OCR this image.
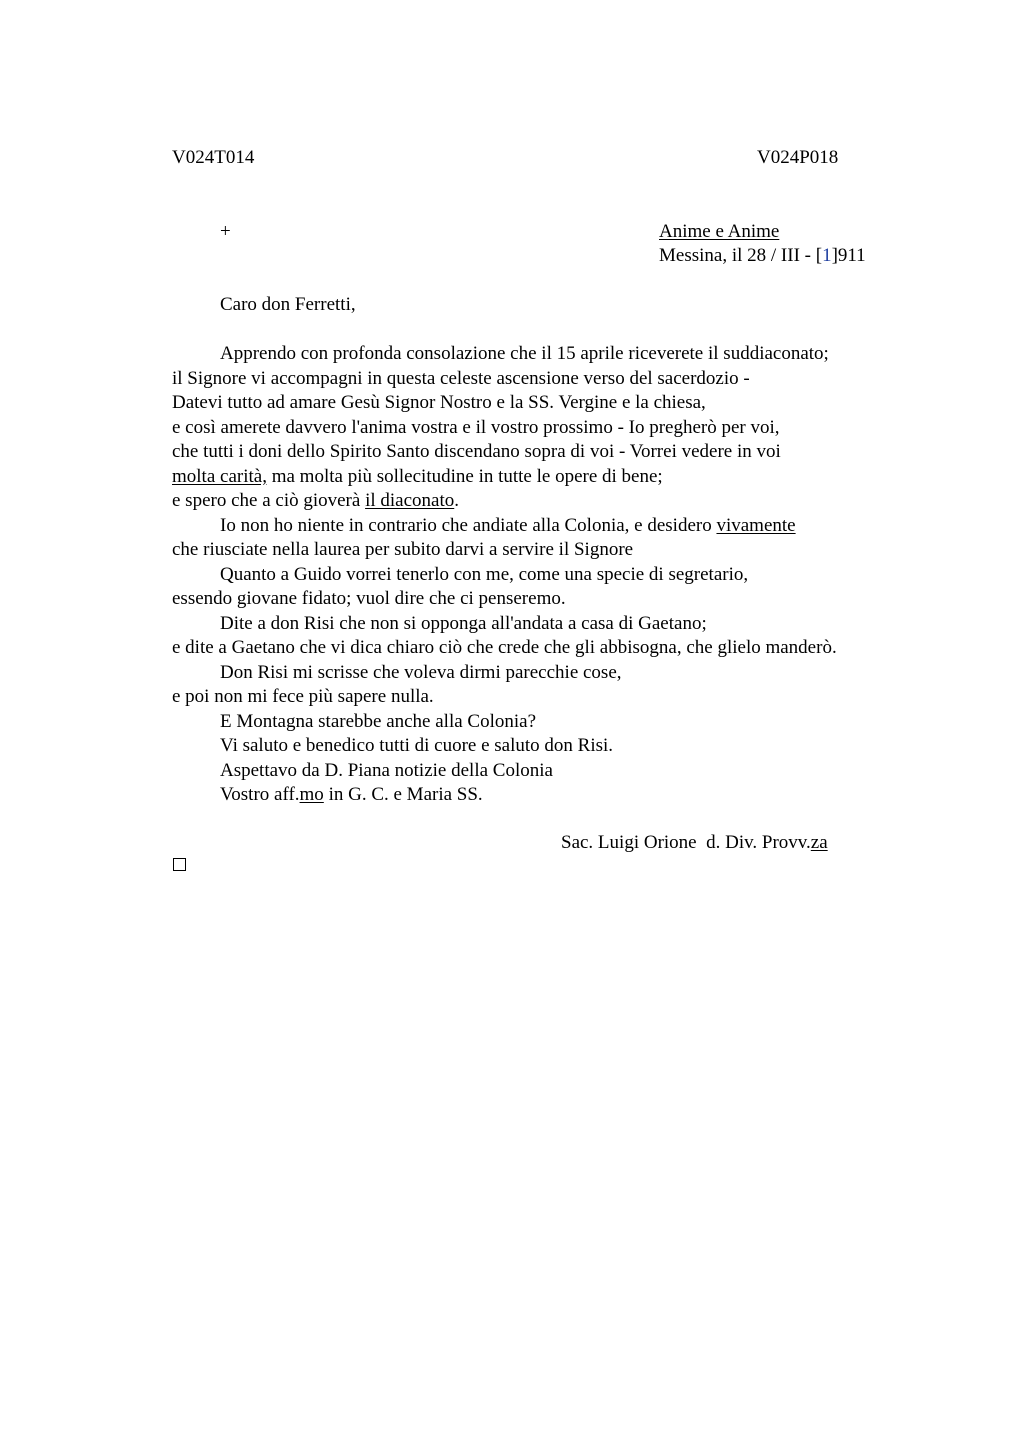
V024T014	V024P018
+	Anime e Anime
Messina, il 28 / III - [1]911
Caro don Ferretti,
Apprendo con profonda consolazione che il 15 aprile riceverete il suddiaconato;
il Signore vi accompagni in questa celeste ascensione verso del sacerdozio -
Datevi tutto ad amare Gesù Signor Nostro e la SS. Vergine e la chiesa,
e così amerete davvero l'anima vostra e il vostro prossimo - Io pregherò per voi,
che tutti i doni dello Spirito Santo discendano sopra di voi - Vorrei vedere in voi
molta carità, ma molta più sollecitudine in tutte le opere di bene;
e spero che a ciò gioverà il diaconato.
Io non ho niente in contrario che andiate alla Colonia, e desidero vivamente
che riusciate nella laurea per subito darvi a servire il Signore
Quanto a Guido vorrei tenerlo con me, come una specie di segretario,
essendo giovane fidato; vuol dire che ci penseremo.
Dite a don Risi che non si opponga all'andata a casa di Gaetano;
e dite a Gaetano che vi dica chiaro ciò che crede che gli abbisogna, che glielo manderò.
Don Risi mi scrisse che voleva dirmi parecchie cose,
e poi non mi fece più sapere nulla.
E Montagna starebbe anche alla Colonia?
Vi saluto e benedico tutti di cuore e saluto don Risi.
Aspettavo da D. Piana notizie della Colonia
Vostro aff.mo in G. C. e Maria SS.
Sac. Luigi Orione  d. Div. Provv.za
